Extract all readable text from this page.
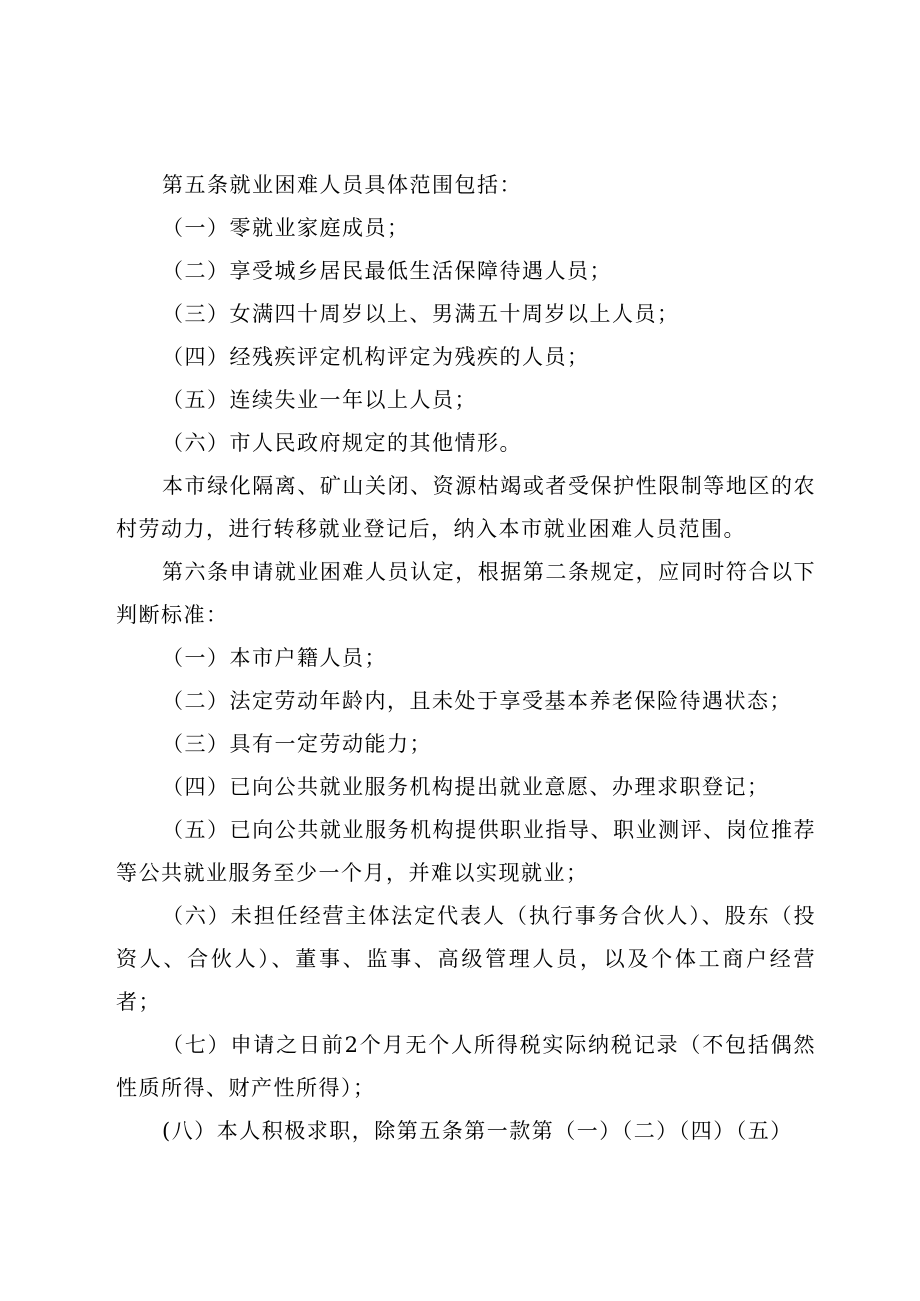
第五条就业困难人员具体范围包括：

（一）零就业家庭成员；

（二）享受城乡居民最低生活保障待遇人员；

（三）女满四十周岁以上、男满五十周岁以上人员；

（四）经残疾评定机构评定为残疾的人员；

（五）连续失业一年以上人员；

（六）市人民政府规定的其他情形。

本市绿化隔离、矿山关闭、资源枯竭或者受保护性限制等地区的农村劳动力，进行转移就业登记后，纳入本市就业困难人员范围。

第六条申请就业困难人员认定，根据第二条规定，应同时符合以下判断标准：

（一）本市户籍人员；

（二）法定劳动年龄内，且未处于享受基本养老保险待遇状态；

（三）具有一定劳动能力；

（四）已向公共就业服务机构提出就业意愿、办理求职登记；

（五）已向公共就业服务机构提供职业指导、职业测评、岗位推荐等公共就业服务至少一个月，并难以实现就业；

（六）未担任经营主体法定代表人（执行事务合伙人）、股东（投资人、合伙人）、董事、监事、高级管理人员，以及个体工商户经营者；

（七）申请之日前2个月无个人所得税实际纳税记录（不包括偶然性质所得、财产性所得）；

(八）本人积极求职，除第五条第一款第（一）（二）（四）（五）
